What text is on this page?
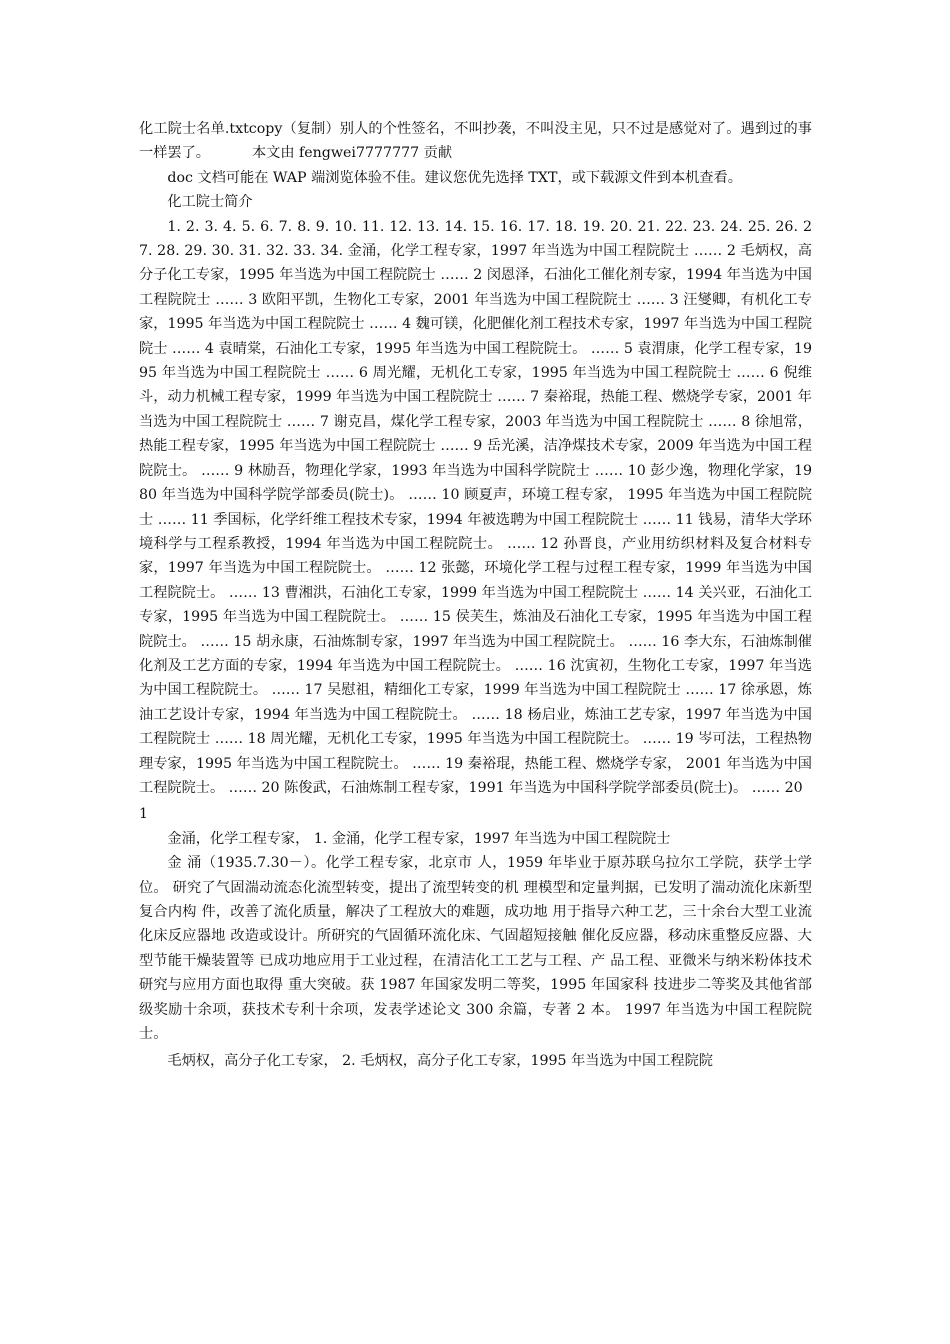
化工院士名单.txtcopy（复制）别人的个性签名，不叫抄袭，不叫没主见，只不过是感觉对了。遇到过的事一样罢了。	本文由 fengwei7777777 贡献

doc 文档可能在 WAP 端浏览体验不佳。建议您优先选择 TXT，或下载源文件到本机查看。

化工院士简介

1. 2. 3. 4. 5. 6. 7. 8. 9. 10. 11. 12. 13. 14. 15. 16. 17. 18. 19. 20. 21. 22. 23. 24. 25. 26. 27. 28. 29. 30. 31. 32. 33. 34. 金涌，化学工程专家，1997 年当选为中国工程院院士 …… 2 毛炳权，高分子化工专家，1995 年当选为中国工程院院士 …… 2 闵恩泽，石油化工催化剂专家，1994 年当选为中国工程院院士 …… 3 欧阳平凯，生物化工专家，2001 年当选为中国工程院院士 …… 3 汪燮卿，有机化工专家，1995 年当选为中国工程院院士 …… 4 魏可镁，化肥催化剂工程技术专家，1997 年当选为中国工程院院士 …… 4 袁晴棠，石油化工专家，1995 年当选为中国工程院院士。 …… 5 袁渭康，化学工程专家，1995 年当选为中国工程院院士 …… 6 周光耀，无机化工专家，1995 年当选为中国工程院院士 …… 6 倪维斗，动力机械工程专家，1999 年当选为中国工程院院士 …… 7 秦裕琨，热能工程、燃烧学专家，2001 年当选为中国工程院院士 …… 7 谢克昌，煤化学工程专家，2003 年当选为中国工程院院士 …… 8 徐旭常，热能工程专家，1995 年当选为中国工程院院士 …… 9 岳光溪，洁净煤技术专家，2009 年当选为中国工程院院士。 …… 9 林励吾，物理化学家，1993 年当选为中国科学院院士 …… 10 彭少逸，物理化学家，1980 年当选为中国科学院学部委员(院士)。 …… 10 顾夏声，环境工程专家， 1995 年当选为中国工程院院士 …… 11 季国标，化学纤维工程技术专家，1994 年被选聘为中国工程院院士 …… 11 钱易，清华大学环境科学与工程系教授，1994 年当选为中国工程院院士。 …… 12 孙晋良，产业用纺织材料及复合材料专家，1997 年当选为中国工程院院士。 …… 12 张懿，环境化学工程与过程工程专家，1999 年当选为中国工程院院士。 …… 13 曹湘洪，石油化工专家，1999 年当选为中国工程院院士 …… 14 关兴亚，石油化工专家，1995 年当选为中国工程院院士。 …… 15 侯芙生，炼油及石油化工专家，1995 年当选为中国工程院院士。 …… 15 胡永康，石油炼制专家，1997 年当选为中国工程院院士。 …… 16 李大东，石油炼制催化剂及工艺方面的专家，1994 年当选为中国工程院院士。 …… 16 沈寅初，生物化工专家，1997 年当选为中国工程院院士。 …… 17 吴慰祖，精细化工专家，1999 年当选为中国工程院院士 …… 17 徐承恩，炼油工艺设计专家，1994 年当选为中国工程院院士。 …… 18 杨启业，炼油工艺专家，1997 年当选为中国工程院院士 …… 18 周光耀，无机化工专家，1995 年当选为中国工程院院士。 …… 19 岑可法，工程热物理专家，1995 年当选为中国工程院院士。 …… 19 秦裕琨，热能工程、燃烧学专家， 2001 年当选为中国工程院院士。 …… 20 陈俊武，石油炼制工程专家，1991 年当选为中国科学院学部委员(院士)。 …… 20

1

金涌，化学工程专家， 1. 金涌，化学工程专家，1997 年当选为中国工程院院士

金 涌（1935.7.30－）。化学工程专家，北京市 人，1959 年毕业于原苏联乌拉尔工学院，获学士学位。 研究了气固湍动流态化流型转变，提出了流型转变的机 理模型和定量判据，已发明了湍动流化床新型复合内构 件，改善了流化质量，解决了工程放大的难题，成功地 用于指导六种工艺，三十余台大型工业流化床反应器地 改造或设计。所研究的气固循环流化床、气固超短接触 催化反应器，移动床重整反应器、大型节能干燥装置等 已成功地应用于工业过程，在清洁化工工艺与工程、产 品工程、亚微米与纳米粉体技术研究与应用方面也取得 重大突破。获 1987 年国家发明二等奖，1995 年国家科 技进步二等奖及其他省部级奖励十余项，获技术专利十余项，发表学述论文 300 余篇，专著 2 本。 1997 年当选为中国工程院院士。

毛炳权，高分子化工专家， 2. 毛炳权，高分子化工专家，1995 年当选为中国工程院院
